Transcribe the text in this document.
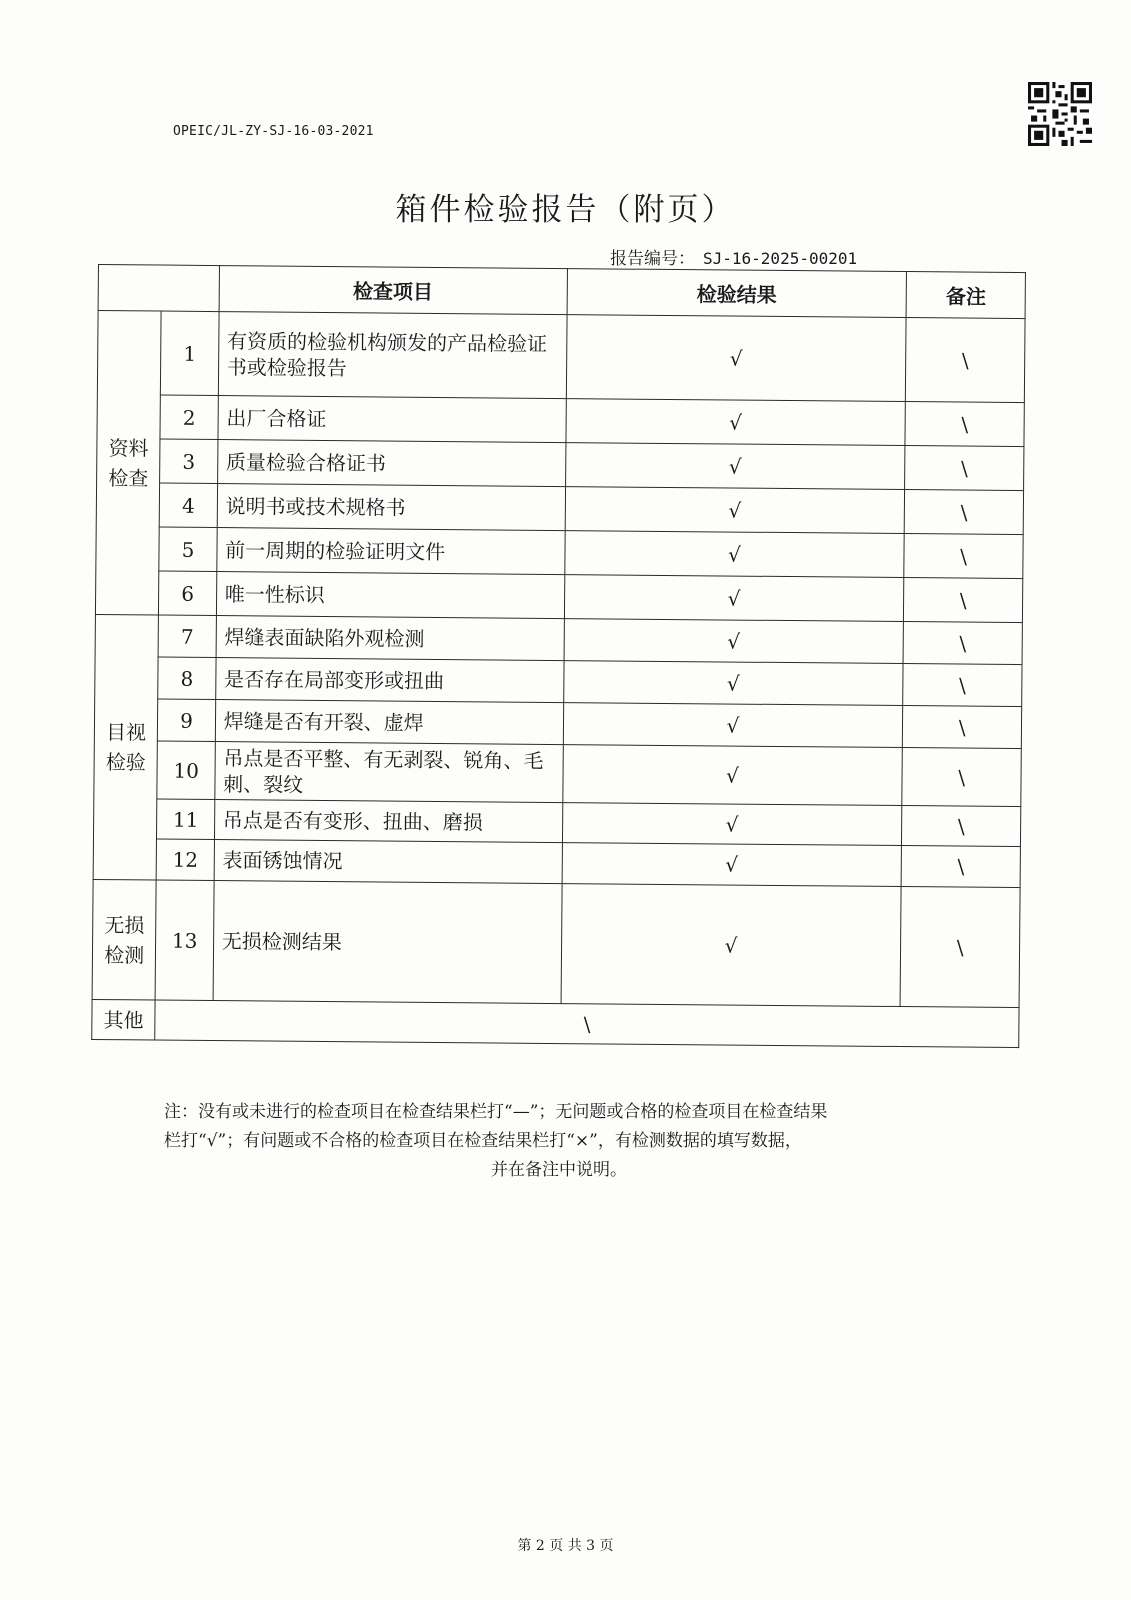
OPEIC/JL-ZY-SJ-16-03-2021
箱件检验报告（附页）
报告编号： SJ-16-2025-00201
		检查项目	检验结果	备注
资料
检查	1	有资质的检验机构颁发的产品检验证书或检验报告	√	\
	2	出厂合格证	√	\
	3	质量检验合格证书	√	\
	4	说明书或技术规格书	√	\
	5	前一周期的检验证明文件	√	\
	6	唯一性标识	√	\
目视
检验	7	焊缝表面缺陷外观检测	√	\
	8	是否存在局部变形或扭曲	√	\
	9	焊缝是否有开裂、虚焊	√	\
	10	吊点是否平整、有无剥裂、锐角、毛刺、裂纹	√	\
	11	吊点是否有变形、扭曲、磨损	√	\
	12	表面锈蚀情况	√	\
无损
检测	13	无损检测结果	√	\
其他	\			
注：没有或未进行的检查项目在检查结果栏打“—”；无问题或合格的检查项目在检查结果
栏打“√”；有问题或不合格的检查项目在检查结果栏打“×”，有检测数据的填写数据，
并在备注中说明。
第 2 页 共 3 页
